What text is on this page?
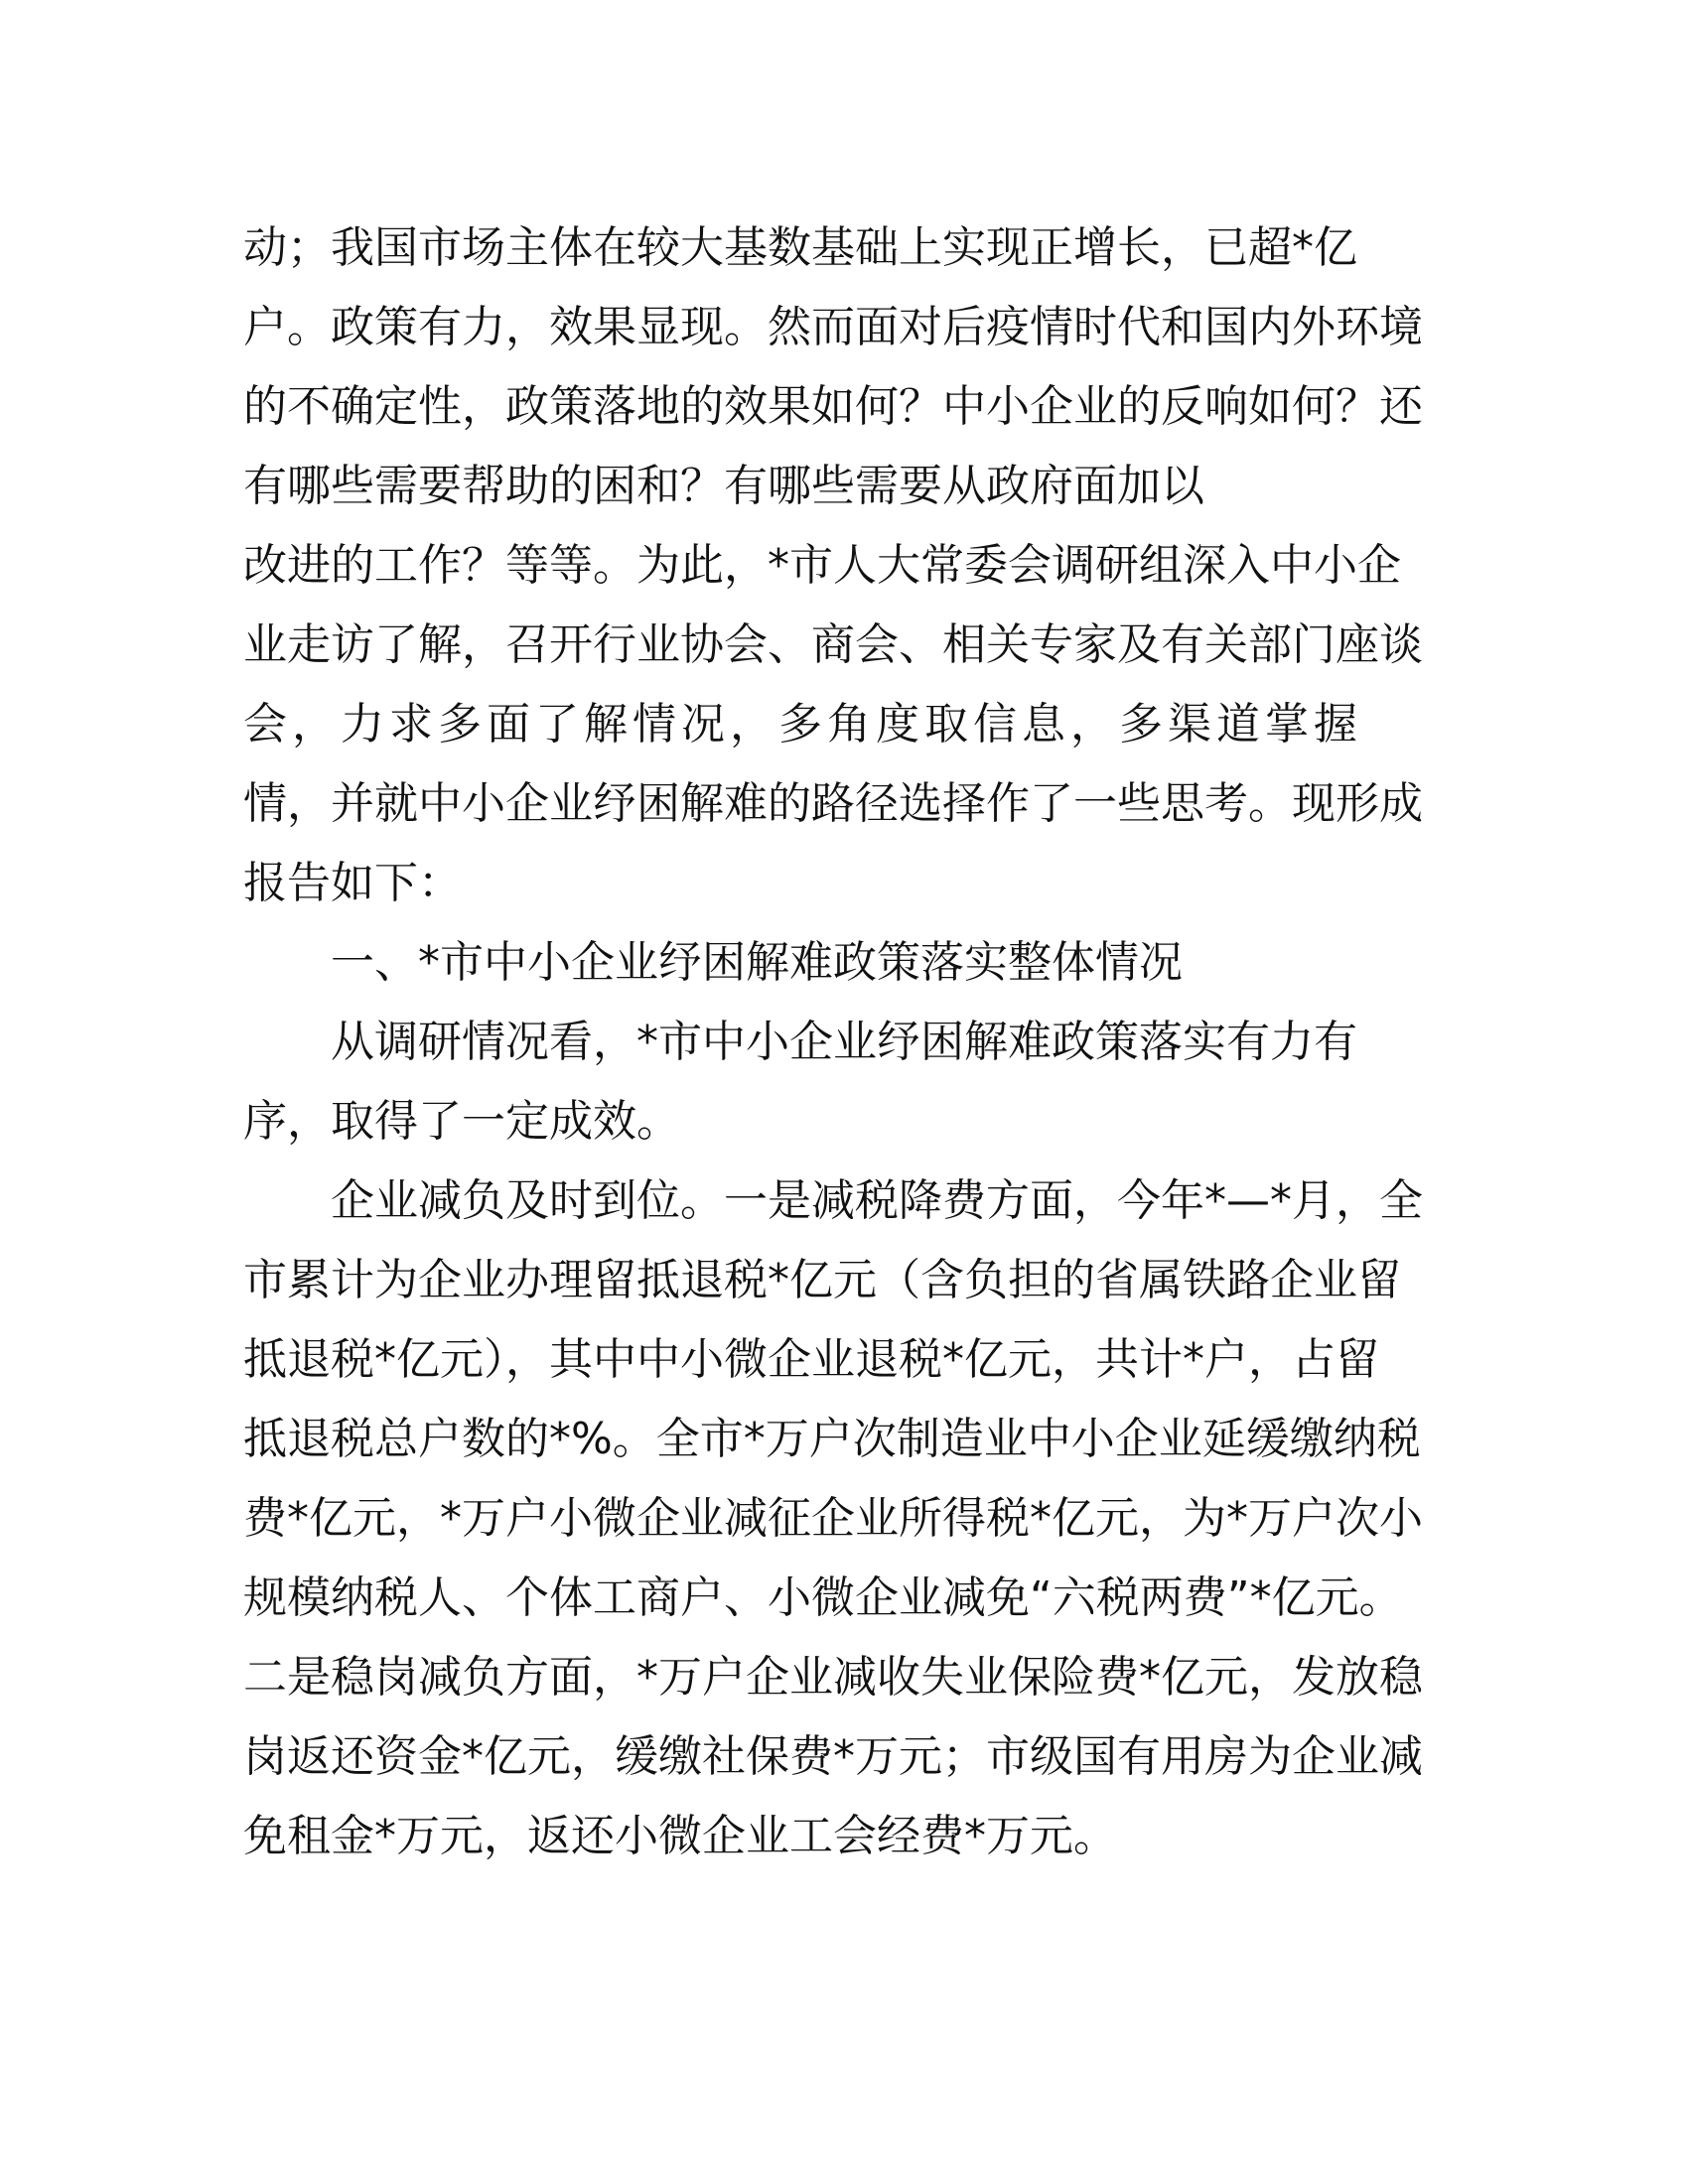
动；我国市场主体在较大基数基础上实现正增长，已超*亿
户。政策有力，效果显现。然而面对后疫情时代和国内外环境
的不确定性，政策落地的效果如何？中小企业的反响如何？还
有哪些需要帮助的困和？有哪些需要从政府面加以
改进的工作？等等。为此，*市人大常委会调研组深入中小企
业走访了解，召开行业协会、商会、相关专家及有关部门座谈
会，力求多面了解情况，多角度取信息，多渠道掌握
情，并就中小企业纾困解难的路径选择作了一些思考。现形成
报告如下：
一、*市中小企业纾困解难政策落实整体情况
从调研情况看，*市中小企业纾困解难政策落实有力有
序，取得了一定成效。
企业减负及时到位。一是减税降费方面，今年*—*月，全
市累计为企业办理留抵退税*亿元（含负担的省属铁路企业留
抵退税*亿元），其中中小微企业退税*亿元，共计*户，占留
抵退税总户数的*%。全市*万户次制造业中小企业延缓缴纳税
费*亿元，*万户小微企业减征企业所得税*亿元，为*万户次小
规模纳税人、个体工商户、小微企业减免“六税两费”*亿元。
二是稳岗减负方面，*万户企业减收失业保险费*亿元，发放稳
岗返还资金*亿元，缓缴社保费*万元；市级国有用房为企业减
免租金*万元，返还小微企业工会经费*万元。
